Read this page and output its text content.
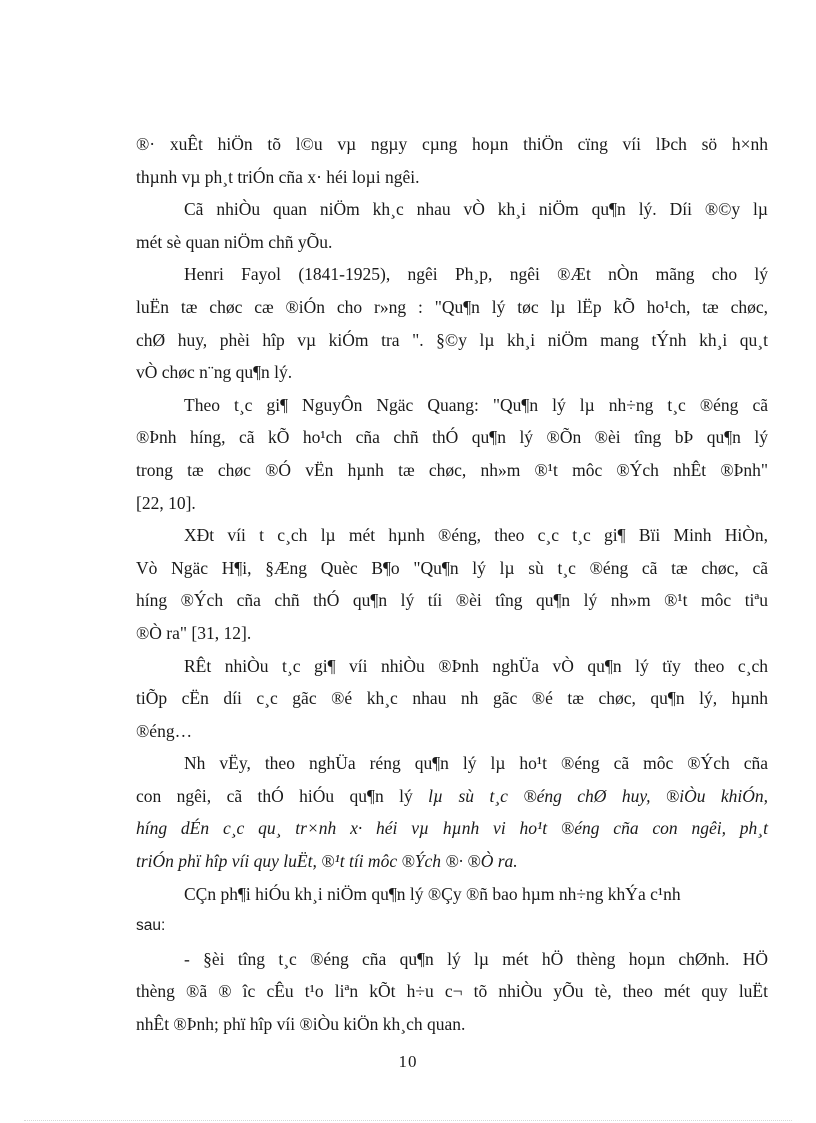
®· xuÊt hiÖn tõ l©u vµ ngµy cµng hoµn thiÖn cïng víi lÞch sö h×nh
thµnh vµ ph¸t triÓn cña x· héi loµi ngêi.
Cã nhiÒu quan niÖm kh¸c nhau vÒ kh¸i niÖm qu¶n lý. Díi ®©y lµ
mét sè quan niÖm chñ yÕu.
Henri Fayol (1841-1925), ngêi Ph¸p, ngêi ®Æt nÒn mãng cho lý
luËn tæ chøc cæ ®iÓn cho r»ng : "Qu¶n lý tøc lµ lËp kÕ ho¹ch, tæ chøc,
chØ huy, phèi hîp vµ kiÓm tra ". §©y lµ kh¸i niÖm mang tÝnh kh¸i qu¸t
vÒ chøc n¨ng qu¶n lý.
Theo t¸c gi¶ NguyÔn Ngäc Quang: "Qu¶n lý lµ nh÷ng t¸c ®éng cã
®Þnh híng, cã kÕ ho¹ch cña chñ thÓ qu¶n lý ®Õn ®èi tîng bÞ qu¶n lý
trong tæ chøc ®Ó vËn hµnh tæ chøc, nh»m ®¹t môc ®Ých nhÊt ®Þnh"
[22, 10].
XÐt víi t c¸ch lµ mét hµnh ®éng, theo c¸c t¸c gi¶ Bïi Minh HiÒn,
Vò Ngäc H¶i, §Æng Quèc B¶o "Qu¶n lý lµ sù t¸c ®éng cã tæ chøc, cã
híng ®Ých cña chñ thÓ qu¶n lý tíi ®èi tîng qu¶n lý nh»m ®¹t môc tiªu
®Ò ra" [31, 12].
RÊt nhiÒu t¸c gi¶ víi nhiÒu ®Þnh nghÜa vÒ qu¶n lý tïy theo c¸ch
tiÕp cËn díi c¸c gãc ®é kh¸c nhau nh gãc ®é tæ chøc, qu¶n lý, hµnh
®éng…
Nh vËy, theo nghÜa réng qu¶n lý lµ ho¹t ®éng cã môc ®Ých cña
con ngêi, cã thÓ hiÓu qu¶n lý lµ sù t¸c ®éng chØ huy, ®iÒu khiÓn,
híng dÉn c¸c qu¸ tr×nh x· héi vµ hµnh vi ho¹t ®éng cña con ngêi, ph¸t
triÓn phï hîp víi quy luËt, ®¹t tíi môc ®Ých ®· ®Ò ra.
CÇn ph¶i hiÓu kh¸i niÖm qu¶n lý ®Çy ®ñ bao hµm nh÷ng khÝa c¹nh
sau:
- §èi tîng t¸c ®éng cña qu¶n lý lµ mét hÖ thèng hoµn chØnh. HÖ
thèng ®ã ® îc cÊu t¹o liªn kÕt h÷u c¬ tõ nhiÒu yÕu tè, theo mét quy luËt
nhÊt ®Þnh; phï hîp víi ®iÒu kiÖn kh¸ch quan.
10
